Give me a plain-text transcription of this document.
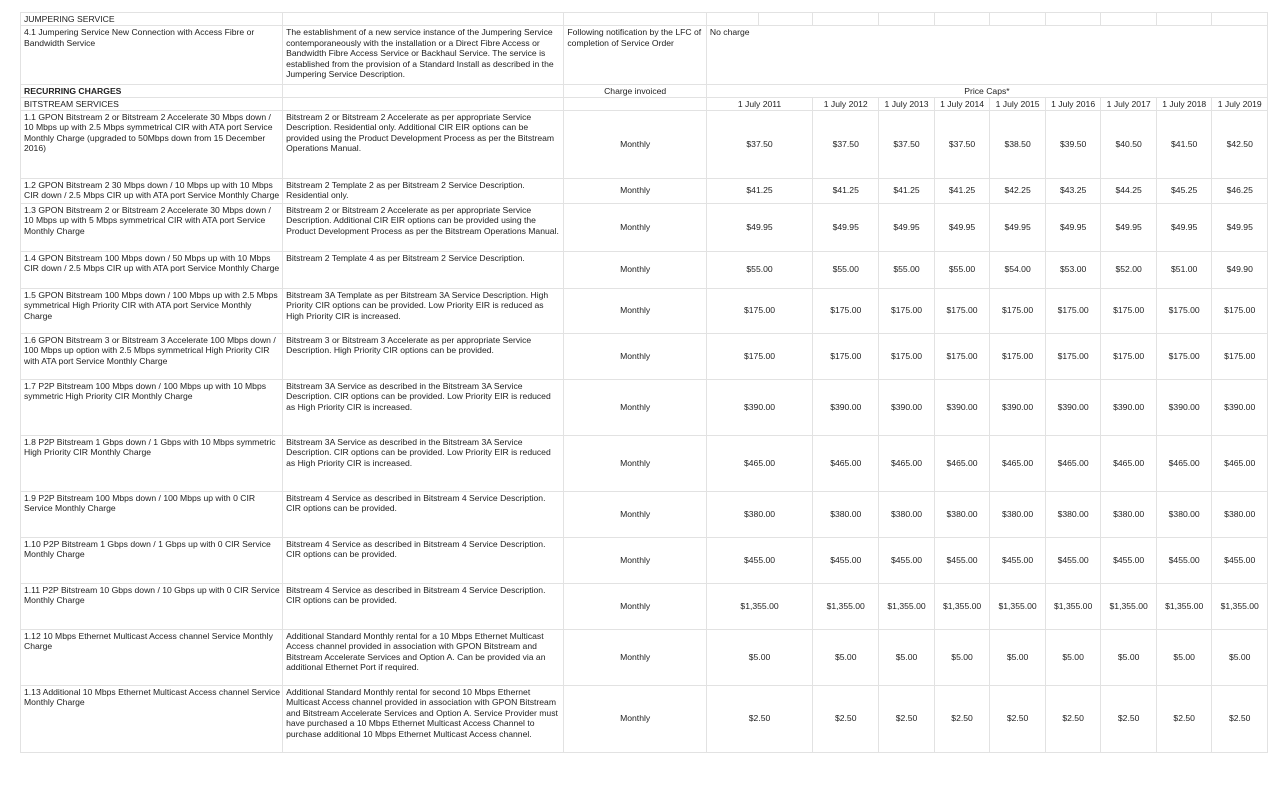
JUMPERING SERVICE												
4.1 Jumpering Service New Connection with Access Fibre or Bandwidth Service	The establishment of a new service instance of the Jumpering Service contemporaneously with the installation or a Direct Fibre Access or Bandwidth Fibre Access Service or Backhaul Service. The service is established from the provision of a Standard Install as described in the Jumpering Service Description.	Following notification by the LFC of completion of Service Order	No charge									
RECURRING CHARGES		Charge invoiced	Price Caps*									
BITSTREAM SERVICES			1 July 2011		1 July 2012	1 July 2013	1 July 2014	1 July 2015	1 July 2016	1 July 2017	1 July 2018	1 July 2019
1.1 GPON Bitstream 2 or Bitstream 2 Accelerate 30 Mbps down / 10 Mbps up with 2.5 Mbps symmetrical CIR with ATA port Service Monthly Charge (upgraded to 50Mbps down from 15 December 2016)	Bitstream 2 or Bitstream 2 Accelerate as per appropriate Service Description. Residential only. Additional CIR EIR options can be provided using the Product Development Process as per the Bitstream Operations Manual.	Monthly	$37.50		$37.50	$37.50	$37.50	$38.50	$39.50	$40.50	$41.50	$42.50
1.2 GPON Bitstream 2 30 Mbps down / 10 Mbps up with 10 Mbps CIR down / 2.5 Mbps CIR up with ATA port Service Monthly Charge	Bitstream 2 Template 2 as per Bitstream 2 Service Description. Residential only.	Monthly	$41.25		$41.25	$41.25	$41.25	$42.25	$43.25	$44.25	$45.25	$46.25
1.3 GPON Bitstream 2 or Bitstream 2 Accelerate 30 Mbps down / 10 Mbps up with 5 Mbps symmetrical CIR with ATA port Service Monthly Charge	Bitstream 2 or Bitstream 2 Accelerate as per appropriate Service Description. Additional CIR EIR options can be provided using the Product Development Process as per the Bitstream Operations Manual.	Monthly	$49.95		$49.95	$49.95	$49.95	$49.95	$49.95	$49.95	$49.95	$49.95
1.4 GPON Bitstream 100 Mbps down / 50 Mbps up with 10 Mbps CIR down / 2.5 Mbps CIR up with ATA port Service Monthly Charge	Bitstream 2 Template 4 as per Bitstream 2 Service Description.	Monthly	$55.00		$55.00	$55.00	$55.00	$54.00	$53.00	$52.00	$51.00	$49.90
1.5 GPON Bitstream 100 Mbps down / 100 Mbps up with 2.5 Mbps symmetrical High Priority CIR with ATA port Service Monthly Charge	Bitstream 3A Template as per Bitstream 3A Service Description. High Priority CIR options can be provided. Low Priority EIR is reduced as High Priority CIR is increased.	Monthly	$175.00		$175.00	$175.00	$175.00	$175.00	$175.00	$175.00	$175.00	$175.00
1.6 GPON Bitstream 3 or Bitstream 3 Accelerate 100 Mbps down / 100 Mbps up option with 2.5 Mbps symmetrical High Priority CIR with ATA port Service Monthly Charge	Bitstream 3 or Bitstream 3 Accelerate as per appropriate Service Description. High Priority CIR options can be provided.	Monthly	$175.00		$175.00	$175.00	$175.00	$175.00	$175.00	$175.00	$175.00	$175.00
1.7 P2P Bitstream 100 Mbps down / 100 Mbps up with 10 Mbps symmetric High Priority CIR Monthly Charge	Bitstream 3A Service as described in the Bitstream 3A Service Description. CIR options can be provided. Low Priority EIR is reduced as High Priority CIR is increased.	Monthly	$390.00		$390.00	$390.00	$390.00	$390.00	$390.00	$390.00	$390.00	$390.00
1.8 P2P Bitstream 1 Gbps down / 1 Gbps with 10 Mbps symmetric High Priority CIR Monthly Charge	Bitstream 3A Service as described in the Bitstream 3A Service Description. CIR options can be provided. Low Priority EIR is reduced as High Priority CIR is increased.	Monthly	$465.00		$465.00	$465.00	$465.00	$465.00	$465.00	$465.00	$465.00	$465.00
1.9 P2P Bitstream 100 Mbps down / 100 Mbps up with 0 CIR Service Monthly Charge	Bitstream 4 Service as described in Bitstream 4 Service Description. CIR options can be provided.	Monthly	$380.00		$380.00	$380.00	$380.00	$380.00	$380.00	$380.00	$380.00	$380.00
1.10 P2P Bitstream 1 Gbps down / 1 Gbps up with 0 CIR Service Monthly Charge	Bitstream 4 Service as described in Bitstream 4 Service Description. CIR options can be provided.	Monthly	$455.00		$455.00	$455.00	$455.00	$455.00	$455.00	$455.00	$455.00	$455.00
1.11 P2P Bitstream 10 Gbps down / 10 Gbps up with 0 CIR Service Monthly Charge	Bitstream 4 Service as described in Bitstream 4 Service Description. CIR options can be provided.	Monthly	$1,355.00		$1,355.00	$1,355.00	$1,355.00	$1,355.00	$1,355.00	$1,355.00	$1,355.00	$1,355.00
1.12 10 Mbps Ethernet Multicast Access channel Service Monthly Charge	Additional Standard Monthly rental for a 10 Mbps Ethernet Multicast Access channel provided in association with GPON Bitstream and Bitstream Accelerate Services and Option A. Can be provided via an additional Ethernet Port if required.	Monthly	$5.00		$5.00	$5.00	$5.00	$5.00	$5.00	$5.00	$5.00	$5.00
1.13 Additional 10 Mbps Ethernet Multicast Access channel Service Monthly Charge	Additional Standard Monthly rental for second 10 Mbps Ethernet Multicast Access channel provided in association with GPON Bitstream and Bitstream Accelerate Services and Option A. Service Provider must have purchased a 10 Mbps Ethernet Multicast Access Channel to purchase additional 10 Mbps Ethernet Multicast Access channel.	Monthly	$2.50		$2.50	$2.50	$2.50	$2.50	$2.50	$2.50	$2.50	$2.50
